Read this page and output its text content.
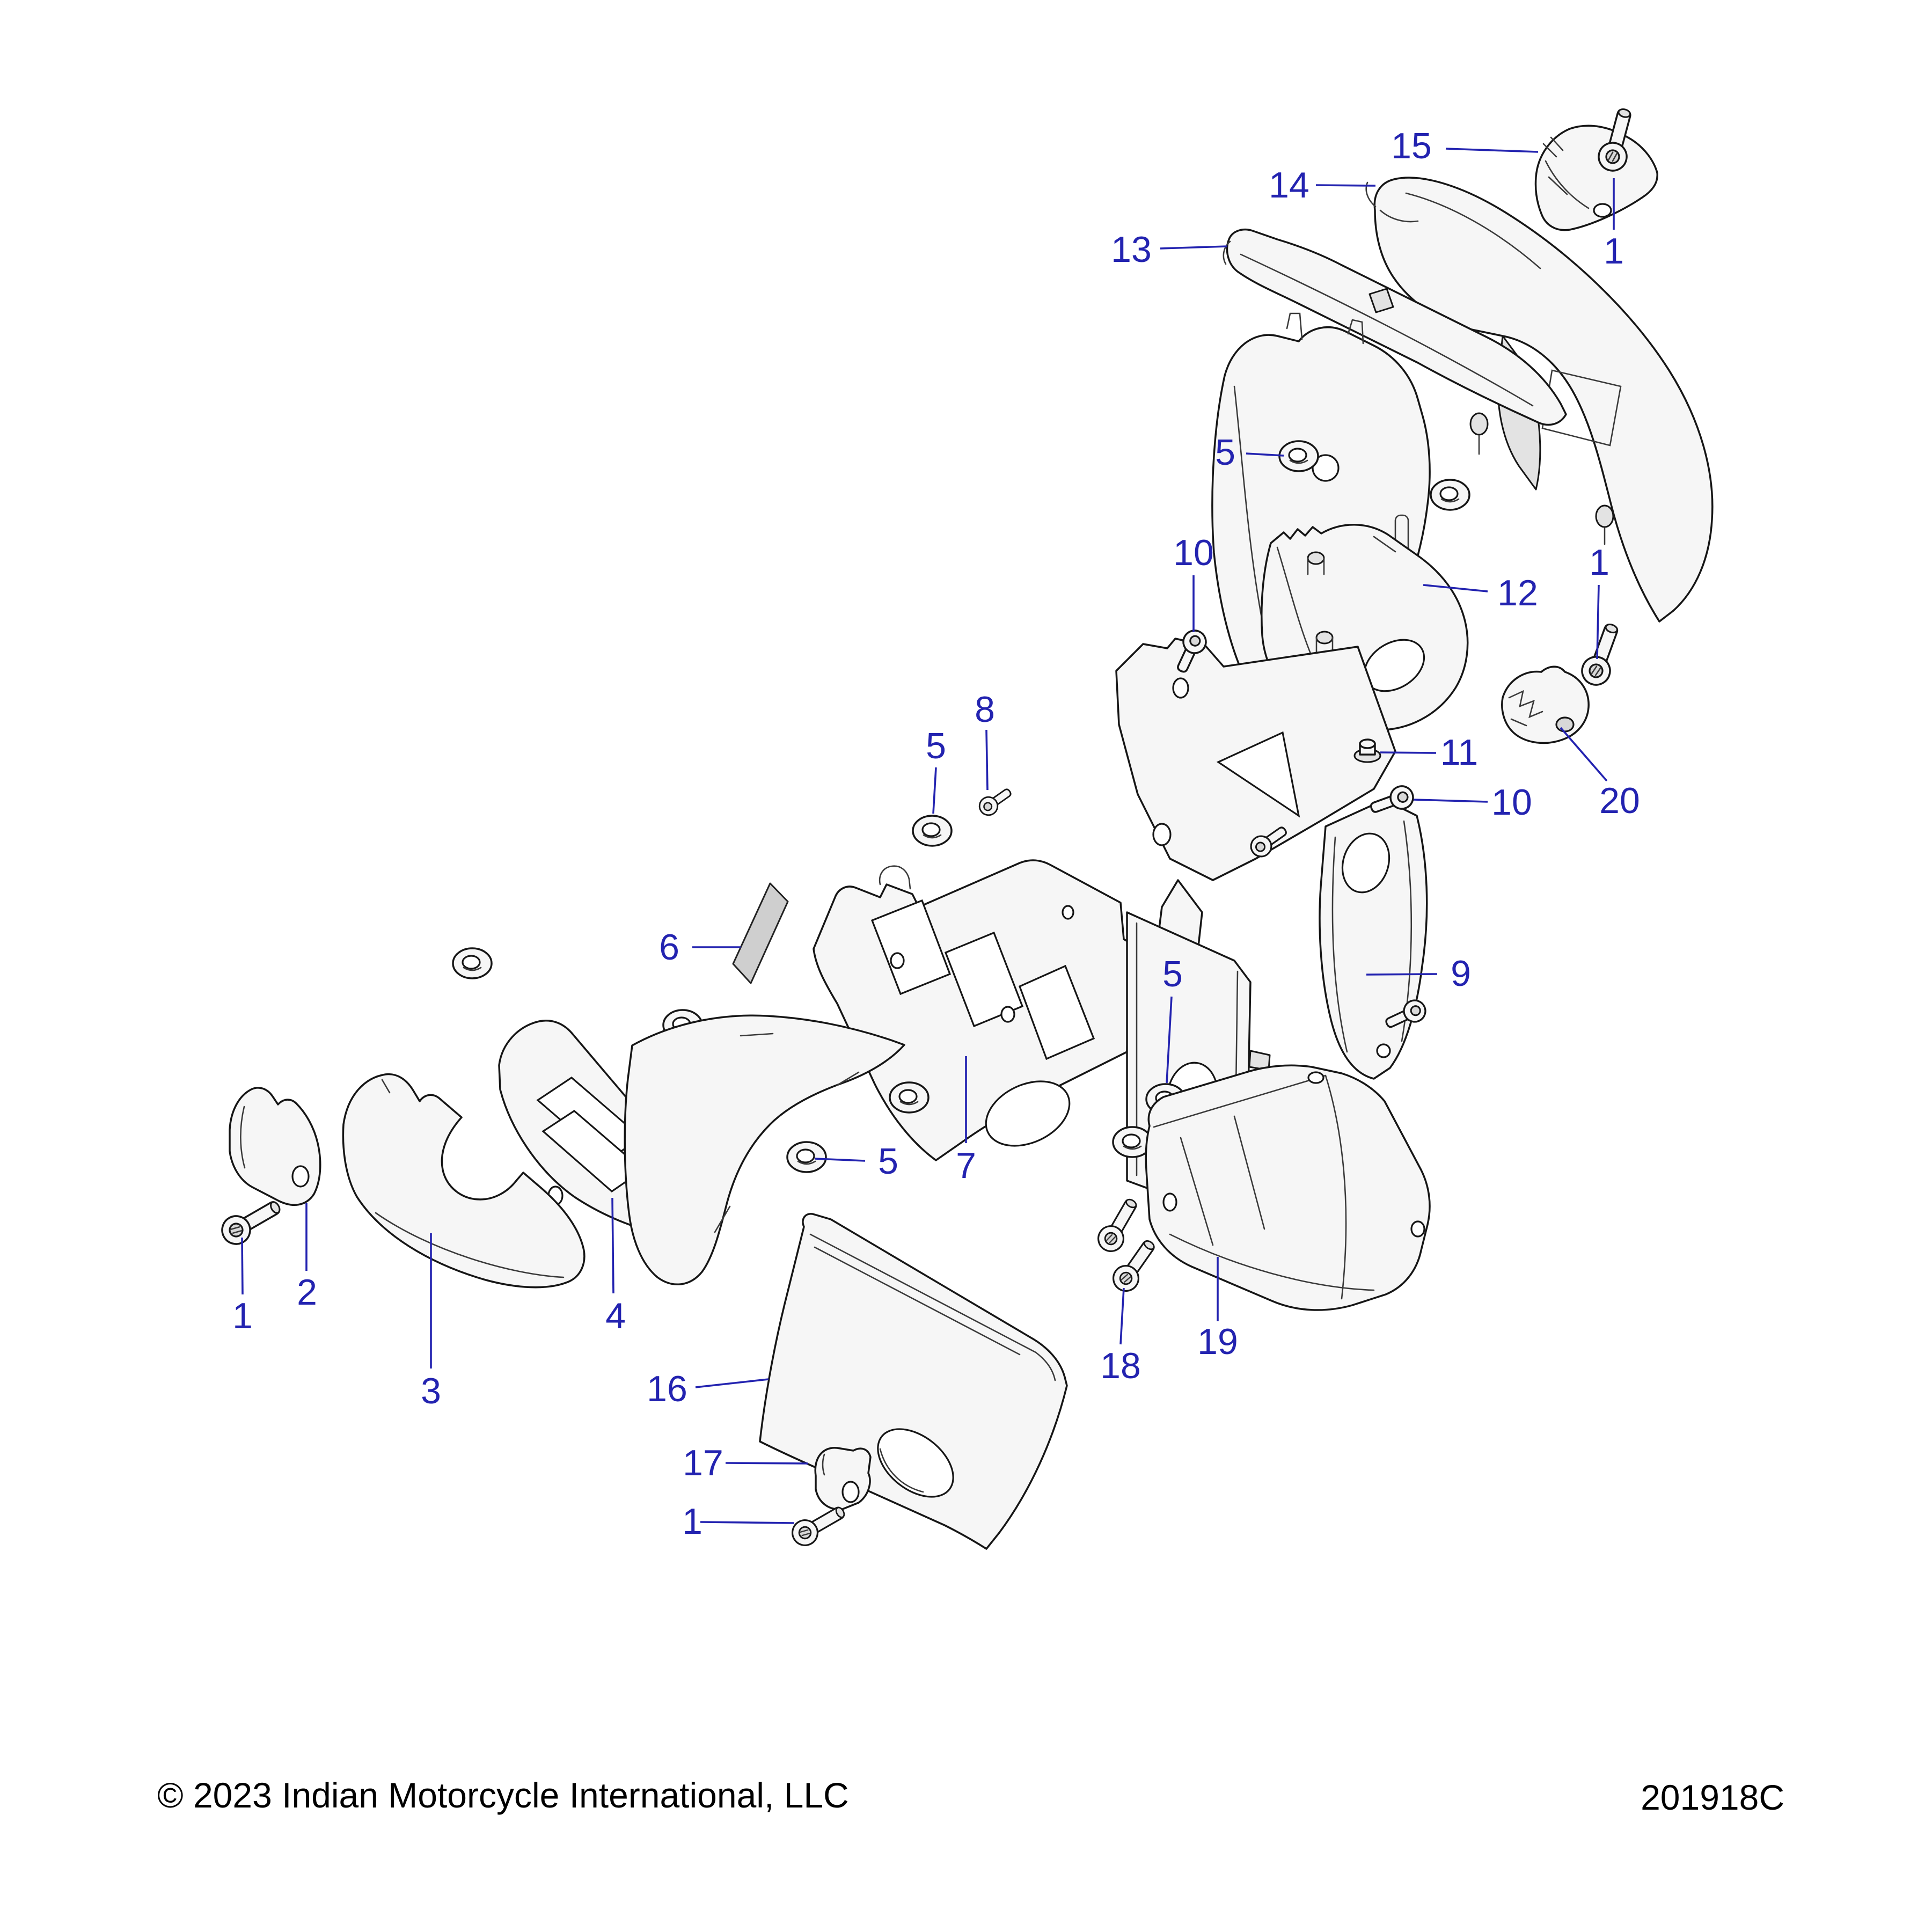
15
14
13	1
5
10
12
1
11
10 20
9
8
5
6
5
5 7
2
1
3
4
16
17
1
18
19
© 2023 Indian Motorcycle International, LLC	201918C
